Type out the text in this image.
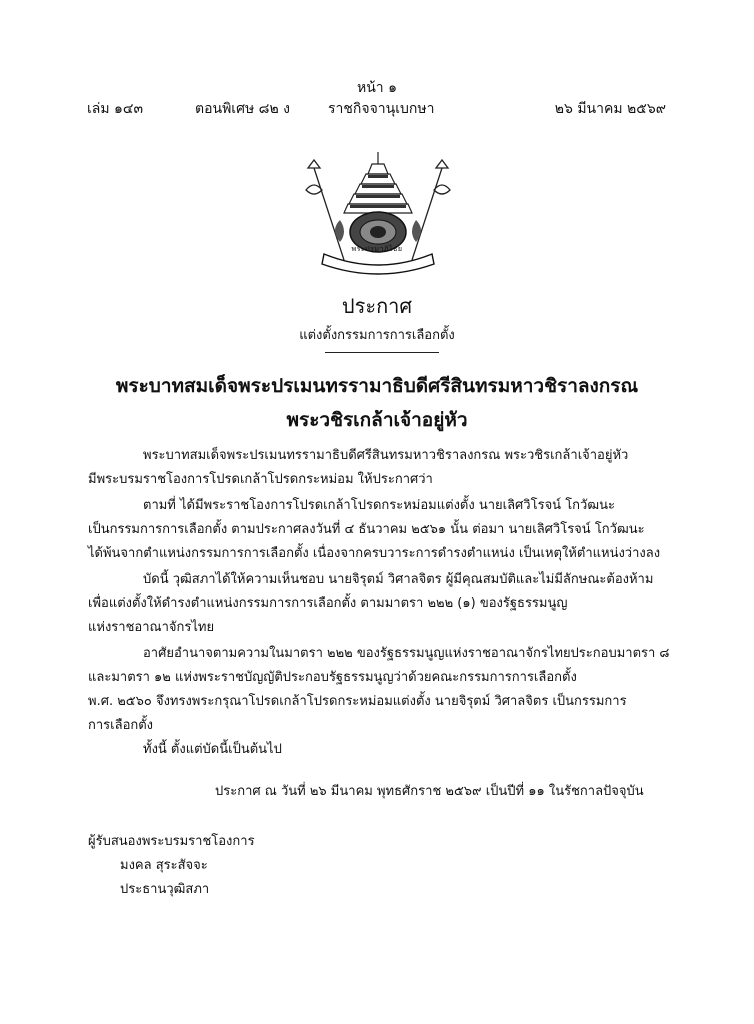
หน้า ๑
เล่ม ๑๔๓	ตอนพิเศษ ๘๒ ง	ราชกิจจานุเบกษา	๒๖ มีนาคม ๒๕๖๙
พระปรมาภิไธย
ประกาศ
แต่งตั้งกรรมการการเลือกตั้ง
พระบาทสมเด็จพระปรเมนทรรามาธิบดีศรีสินทรมหาวชิราลงกรณ
พระวชิรเกล้าเจ้าอยู่หัว
พระบาทสมเด็จพระปรเมนทรรามาธิบดีศรีสินทรมหาวชิราลงกรณ พระวชิรเกล้าเจ้าอยู่หัว
มีพระบรมราชโองการโปรดเกล้าโปรดกระหม่อม ให้ประกาศว่า
ตามที่ ได้มีพระราชโองการโปรดเกล้าโปรดกระหม่อมแต่งตั้ง นายเลิศวิโรจน์ โกวัฒนะ
เป็นกรรมการการเลือกตั้ง ตามประกาศลงวันที่ ๔ ธันวาคม ๒๕๖๑ นั้น ต่อมา นายเลิศวิโรจน์ โกวัฒนะ
ได้พ้นจากตำแหน่งกรรมการการเลือกตั้ง เนื่องจากครบวาระการดำรงตำแหน่ง เป็นเหตุให้ตำแหน่งว่างลง
บัดนี้ วุฒิสภาได้ให้ความเห็นชอบ นายจิรุตม์ วิศาลจิตร ผู้มีคุณสมบัติและไม่มีลักษณะต้องห้าม
เพื่อแต่งตั้งให้ดำรงตำแหน่งกรรมการการเลือกตั้ง ตามมาตรา ๒๒๒ (๑) ของรัฐธรรมนูญ
แห่งราชอาณาจักรไทย
อาศัยอำนาจตามความในมาตรา ๒๒๒ ของรัฐธรรมนูญแห่งราชอาณาจักรไทยประกอบมาตรา ๘
และมาตรา ๑๒ แห่งพระราชบัญญัติประกอบรัฐธรรมนูญว่าด้วยคณะกรรมการการเลือกตั้ง
พ.ศ. ๒๕๖๐ จึงทรงพระกรุณาโปรดเกล้าโปรดกระหม่อมแต่งตั้ง นายจิรุตม์ วิศาลจิตร เป็นกรรมการ
การเลือกตั้ง
ทั้งนี้ ตั้งแต่บัดนี้เป็นต้นไป
ประกาศ ณ วันที่ ๒๖ มีนาคม พุทธศักราช ๒๕๖๙ เป็นปีที่ ๑๑ ในรัชกาลปัจจุบัน
ผู้รับสนองพระบรมราชโองการ
มงคล สุระสัจจะ
ประธานวุฒิสภา
